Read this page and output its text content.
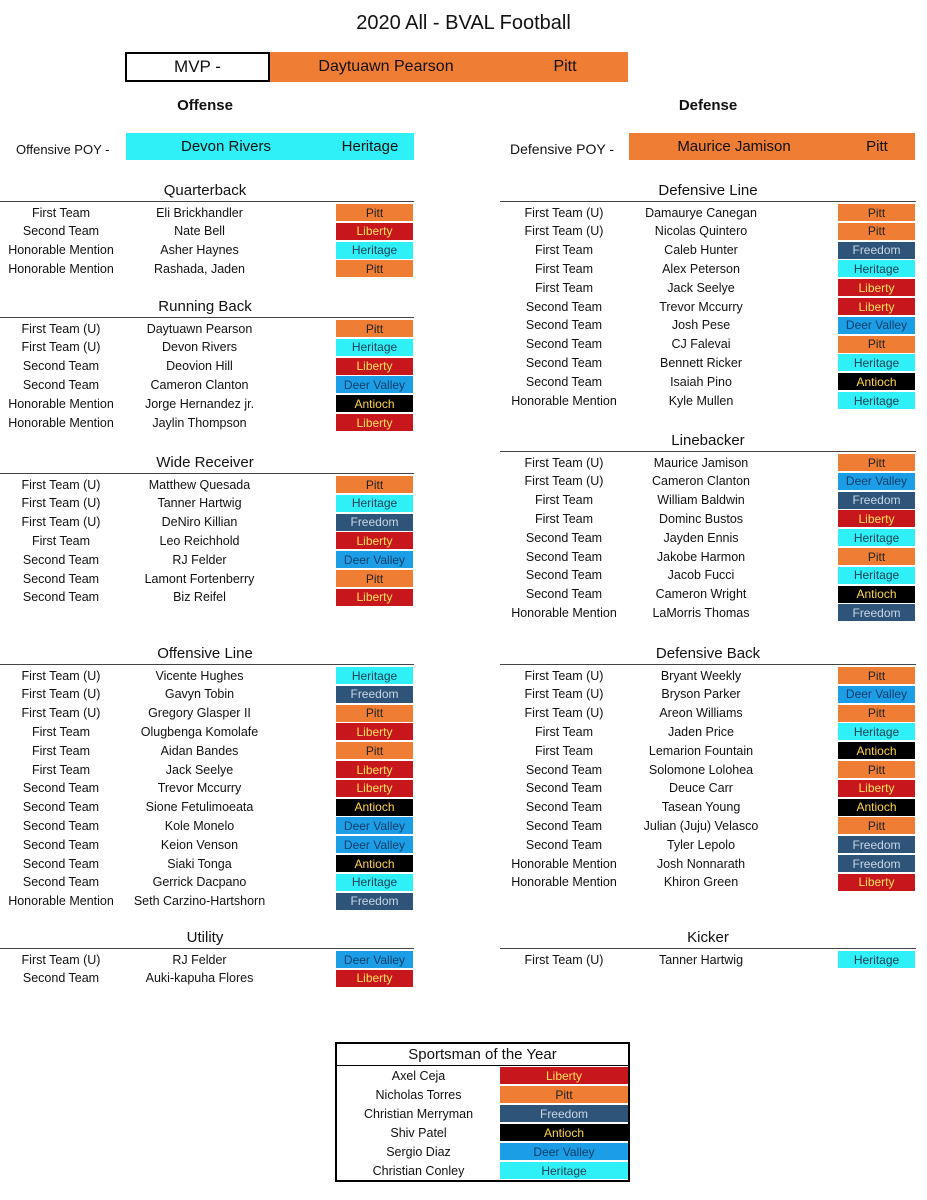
2020 All - BVAL Football
MVP -	Daytuawn Pearson	Pitt
Offense	Defense
Offensive POY -	Devon Rivers	Heritage	Defensive POY -	Maurice Jamison	Pitt
Quarterback
First Team	Eli Brickhandler	Pitt
Second Team	Nate Bell	Liberty
Honorable Mention	Asher Haynes	Heritage
Honorable Mention	Rashada, Jaden	Pitt
Running Back
First Team (U)	Daytuawn Pearson	Pitt
First Team (U)	Devon Rivers	Heritage
Second Team	Deovion Hill	Liberty
Second Team	Cameron Clanton	Deer Valley
Honorable Mention	Jorge Hernandez jr.	Antioch
Honorable Mention	Jaylin Thompson	Liberty
Wide Receiver
First Team (U)	Matthew Quesada	Pitt
First Team (U)	Tanner Hartwig	Heritage
First Team (U)	DeNiro Killian	Freedom
First Team	Leo Reichhold	Liberty
Second Team	RJ Felder	Deer Valley
Second Team	Lamont Fortenberry	Pitt
Second Team	Biz Reifel	Liberty
Offensive Line
First Team (U)	Vicente Hughes	Heritage
First Team (U)	Gavyn Tobin	Freedom
First Team (U)	Gregory Glasper II	Pitt
First Team	Olugbenga Komolafe	Liberty
First Team	Aidan Bandes	Pitt
First Team	Jack Seelye	Liberty
Second Team	Trevor Mccurry	Liberty
Second Team	Sione Fetulimoeata	Antioch
Second Team	Kole Monelo	Deer Valley
Second Team	Keion Venson	Deer Valley
Second Team	Siaki Tonga	Antioch
Second Team	Gerrick Dacpano	Heritage
Honorable Mention	Seth Carzino-Hartshorn	Freedom
Utility
First Team (U)	RJ Felder	Deer Valley
Second Team	Auki-kapuha Flores	Liberty
Defensive Line
First Team (U)	Damaurye Canegan	Pitt
First Team (U)	Nicolas Quintero	Pitt
First Team	Caleb Hunter	Freedom
First Team	Alex Peterson	Heritage
First Team	Jack Seelye	Liberty
Second Team	Trevor Mccurry	Liberty
Second Team	Josh Pese	Deer Valley
Second Team	CJ Falevai	Pitt
Second Team	Bennett Ricker	Heritage
Second Team	Isaiah Pino	Antioch
Honorable Mention	Kyle Mullen	Heritage
Linebacker
First Team (U)	Maurice Jamison	Pitt
First Team (U)	Cameron Clanton	Deer Valley
First Team	William Baldwin	Freedom
First Team	Dominc Bustos	Liberty
Second Team	Jayden Ennis	Heritage
Second Team	Jakobe Harmon	Pitt
Second Team	Jacob Fucci	Heritage
Second Team	Cameron Wright	Antioch
Honorable Mention	LaMorris Thomas	Freedom
Defensive Back
First Team (U)	Bryant Weekly	Pitt
First Team (U)	Bryson Parker	Deer Valley
First Team (U)	Areon Williams	Pitt
First Team	Jaden Price	Heritage
First Team	Lemarion Fountain	Antioch
Second Team	Solomone Lolohea	Pitt
Second Team	Deuce Carr	Liberty
Second Team	Tasean Young	Antioch
Second Team	Julian (Juju) Velasco	Pitt
Second Team	Tyler Lepolo	Freedom
Honorable Mention	Josh Nonnarath	Freedom
Honorable Mention	Khiron Green	Liberty
Kicker
First Team (U)	Tanner Hartwig	Heritage
Sportsman of the Year
Axel Ceja	Liberty
Nicholas Torres	Pitt
Christian Merryman	Freedom
Shiv Patel	Antioch
Sergio Diaz	Deer Valley
Christian Conley	Heritage
